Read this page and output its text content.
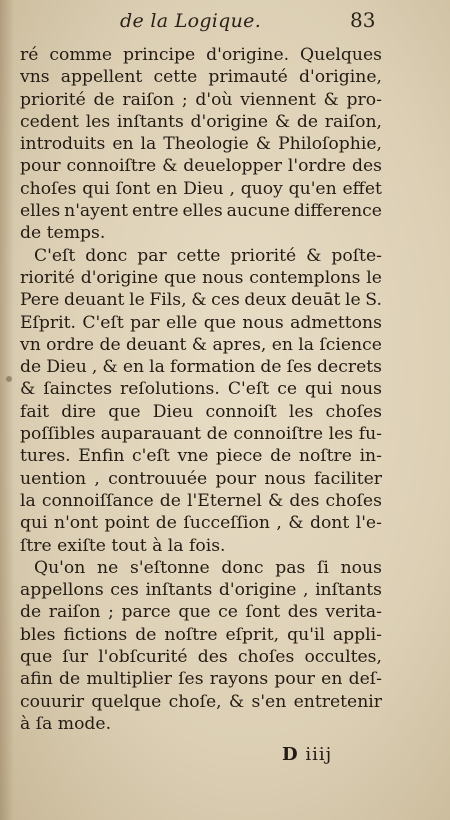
de la Logique.	83
ré comme principe d'origine. Quelques
vns appellent cette primauté d'origine,
priorité de raiſon ; d'où viennent & pro-
cedent les inſtants d'origine & de raiſon,
introduits en la Theologie & Philoſophie,
pour connoiſtre & deuelopper l'ordre des
choſes qui ſont en Dieu , quoy qu'en effet
elles n'ayent entre elles aucune difference
de temps.
C'eſt donc par cette priorité & poſte-
riorité d'origine que nous contemplons le
Pere deuant le Fils, & ces deux deuāt le S.
Eſprit. C'eſt par elle que nous admettons
vn ordre de deuant & apres, en la ſcience
de Dieu , & en la formation de ſes decrets
& ſainctes reſolutions. C'eſt ce qui nous
fait dire que Dieu connoiſt les choſes
poſſibles auparauant de connoiſtre les fu-
tures. Enfin c'eſt vne piece de noſtre in-
uention , controuuée pour nous faciliter
la connoiſſance de l'Eternel & des choſes
qui n'ont point de ſucceſſion , & dont l'e-
ſtre exiſte tout à la fois.
Qu'on ne s'eſtonne donc pas ſi nous
appellons ces inſtants d'origine , inſtants
de raiſon ; parce que ce ſont des verita-
bles fictions de noſtre eſprit, qu'il appli-
que ſur l'obſcurité des choſes occultes,
afin de multiplier ſes rayons pour en deſ-
couurir quelque choſe, & s'en entretenir
à ſa mode.
D iiij
